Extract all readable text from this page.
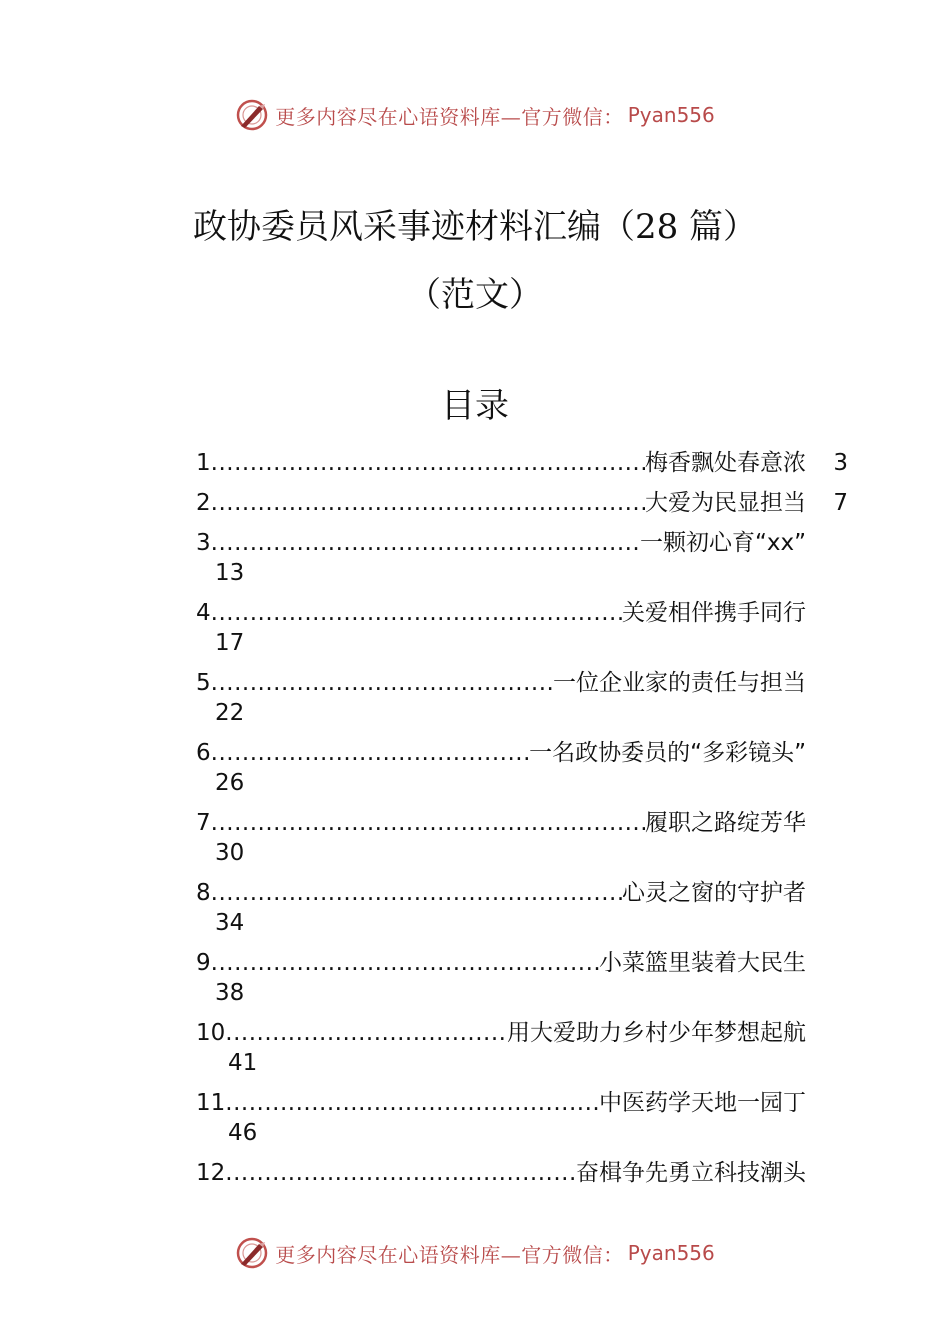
更多内容尽在心语资料库—官方微信： Pyan556
政协委员风采事迹材料汇编（28 篇）
（范文）
目录
1 .....	梅香飘处春意浓	3
2 .....	大爱为民显担当	7
3 .....	一颗初心育“xx”
13
4 .....	关爱相伴携手同行
17
5 .....	一位企业家的责任与担当
22
6 .....	一名政协委员的“多彩镜头”
26
7 .....	履职之路绽芳华
30
8 .....	心灵之窗的守护者
34
9 .....	小菜篮里装着大民生
38
10 .....	用大爱助力乡村少年梦想起航
41
11 .....	中医药学天地一园丁
46
12 .....	奋楫争先勇立科技潮头
更多内容尽在心语资料库—官方微信： Pyan556
